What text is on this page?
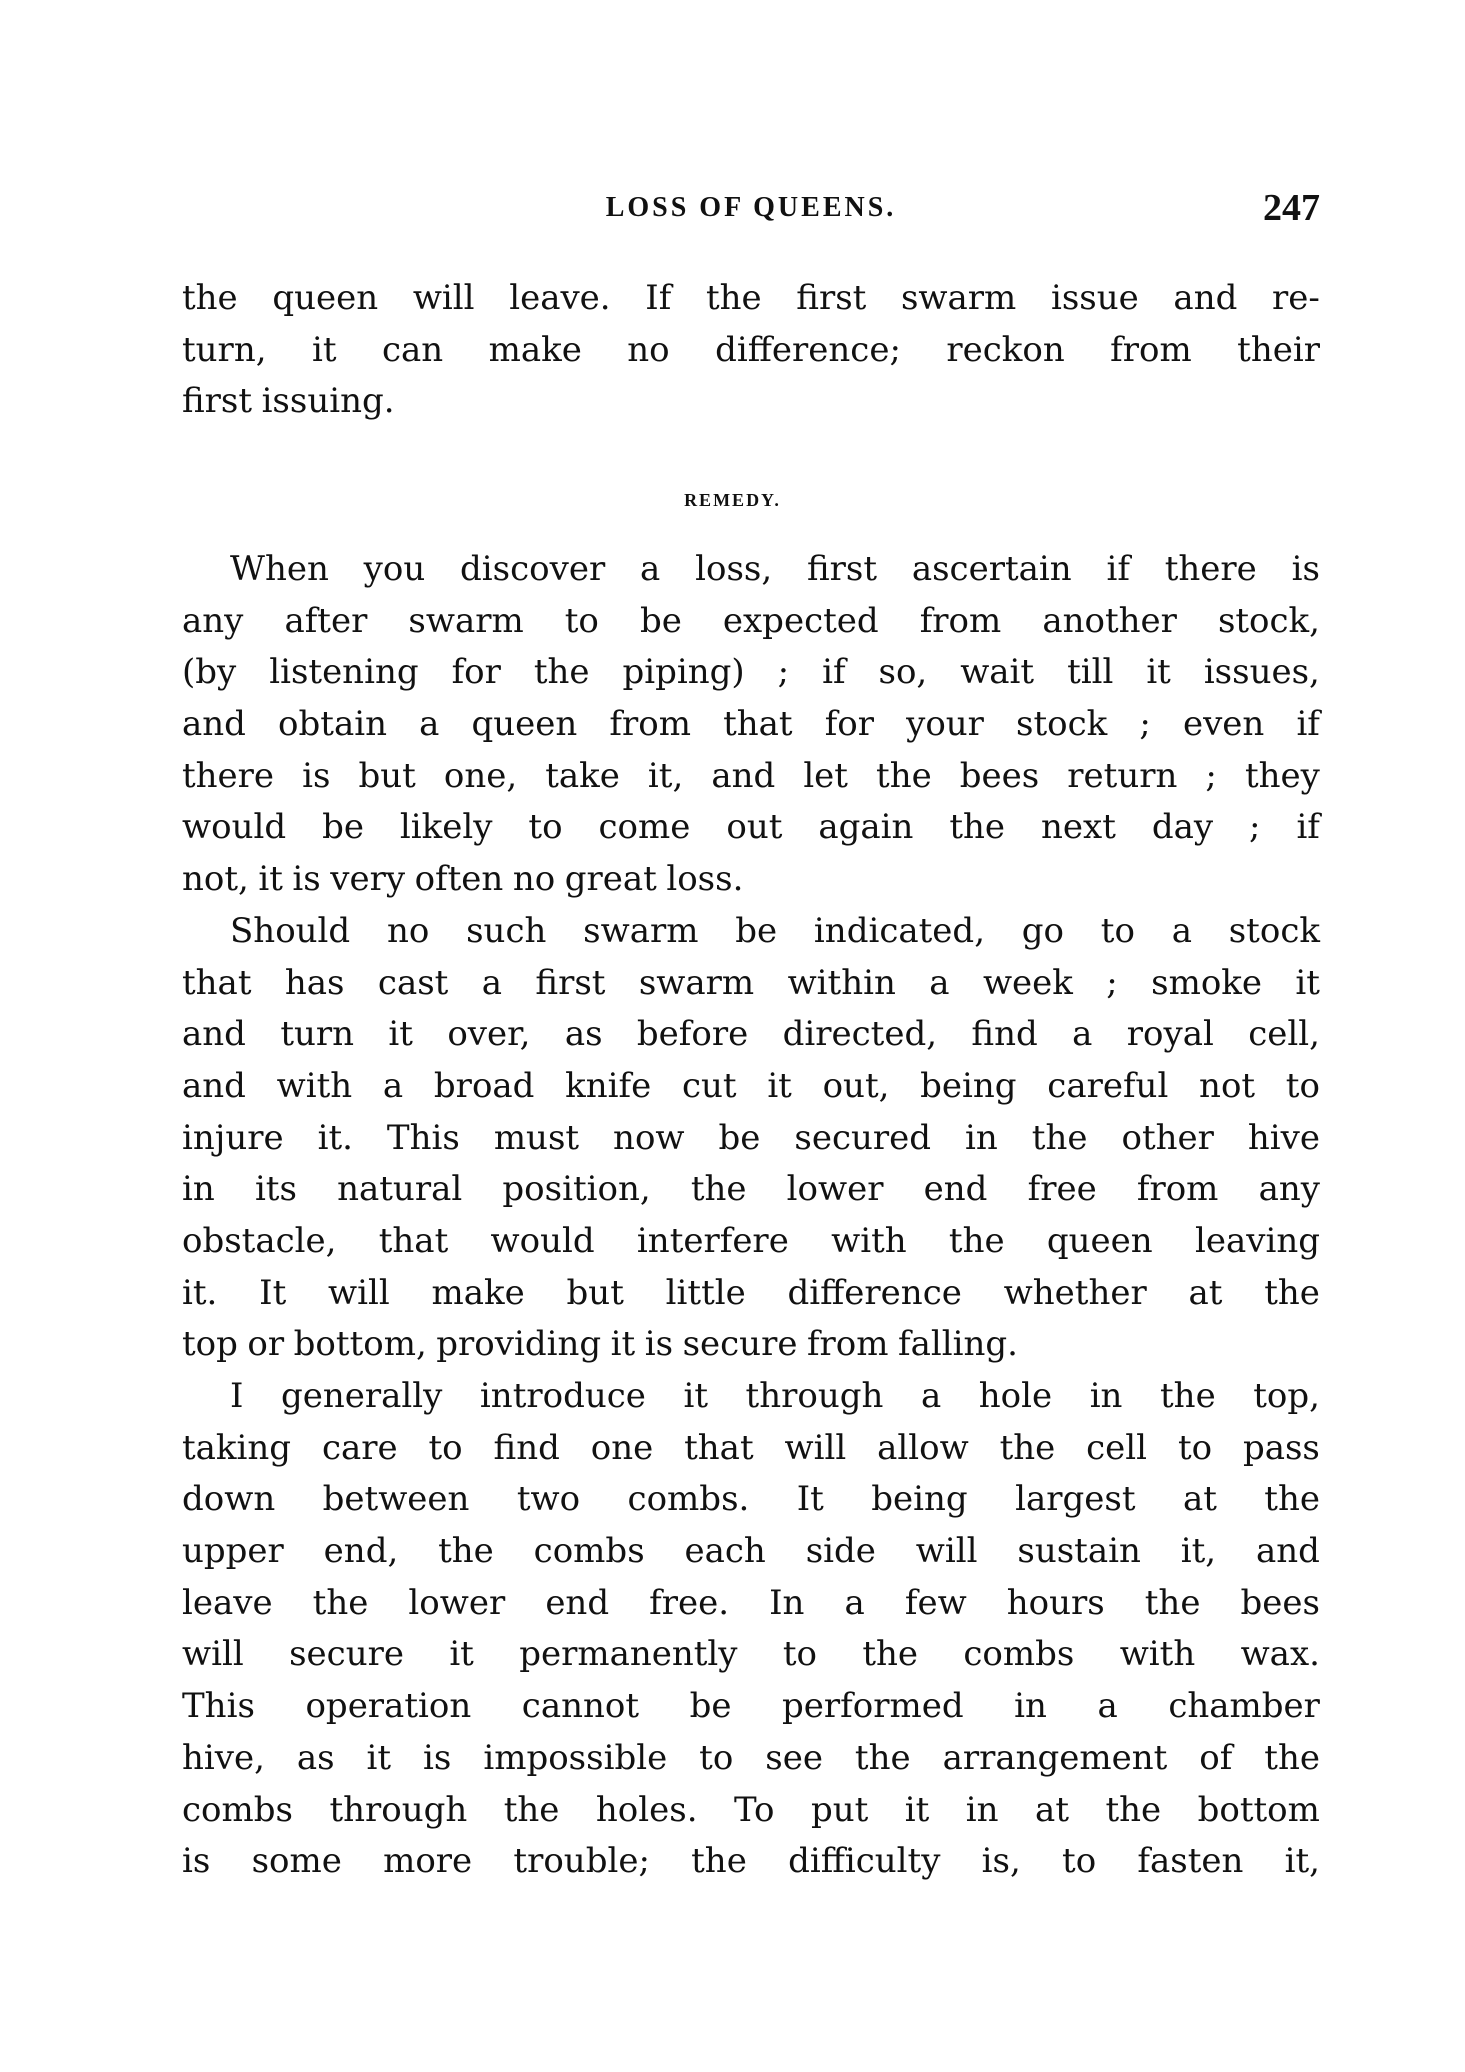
LOSS OF QUEENS.	247
the queen will leave. If the first swarm issue and re-
turn, it can make no difference; reckon from their
first issuing.
REMEDY.
When you discover a loss, first ascertain if there is
any after swarm to be expected from another stock,
(by listening for the piping) ; if so, wait till it issues,
and obtain a queen from that for your stock ; even if
there is but one, take it, and let the bees return ; they
would be likely to come out again the next day ; if
not, it is very often no great loss.
Should no such swarm be indicated, go to a stock
that has cast a first swarm within a week ; smoke it
and turn it over, as before directed, find a royal cell,
and with a broad knife cut it out, being careful not to
injure it. This must now be secured in the other hive
in its natural position, the lower end free from any
obstacle, that would interfere with the queen leaving
it. It will make but little difference whether at the
top or bottom, providing it is secure from falling.
I generally introduce it through a hole in the top,
taking care to find one that will allow the cell to pass
down between two combs. It being largest at the
upper end, the combs each side will sustain it, and
leave the lower end free. In a few hours the bees
will secure it permanently to the combs with wax.
This operation cannot be performed in a chamber
hive, as it is impossible to see the arrangement of the
combs through the holes. To put it in at the bottom
is some more trouble; the difficulty is, to fasten it,
